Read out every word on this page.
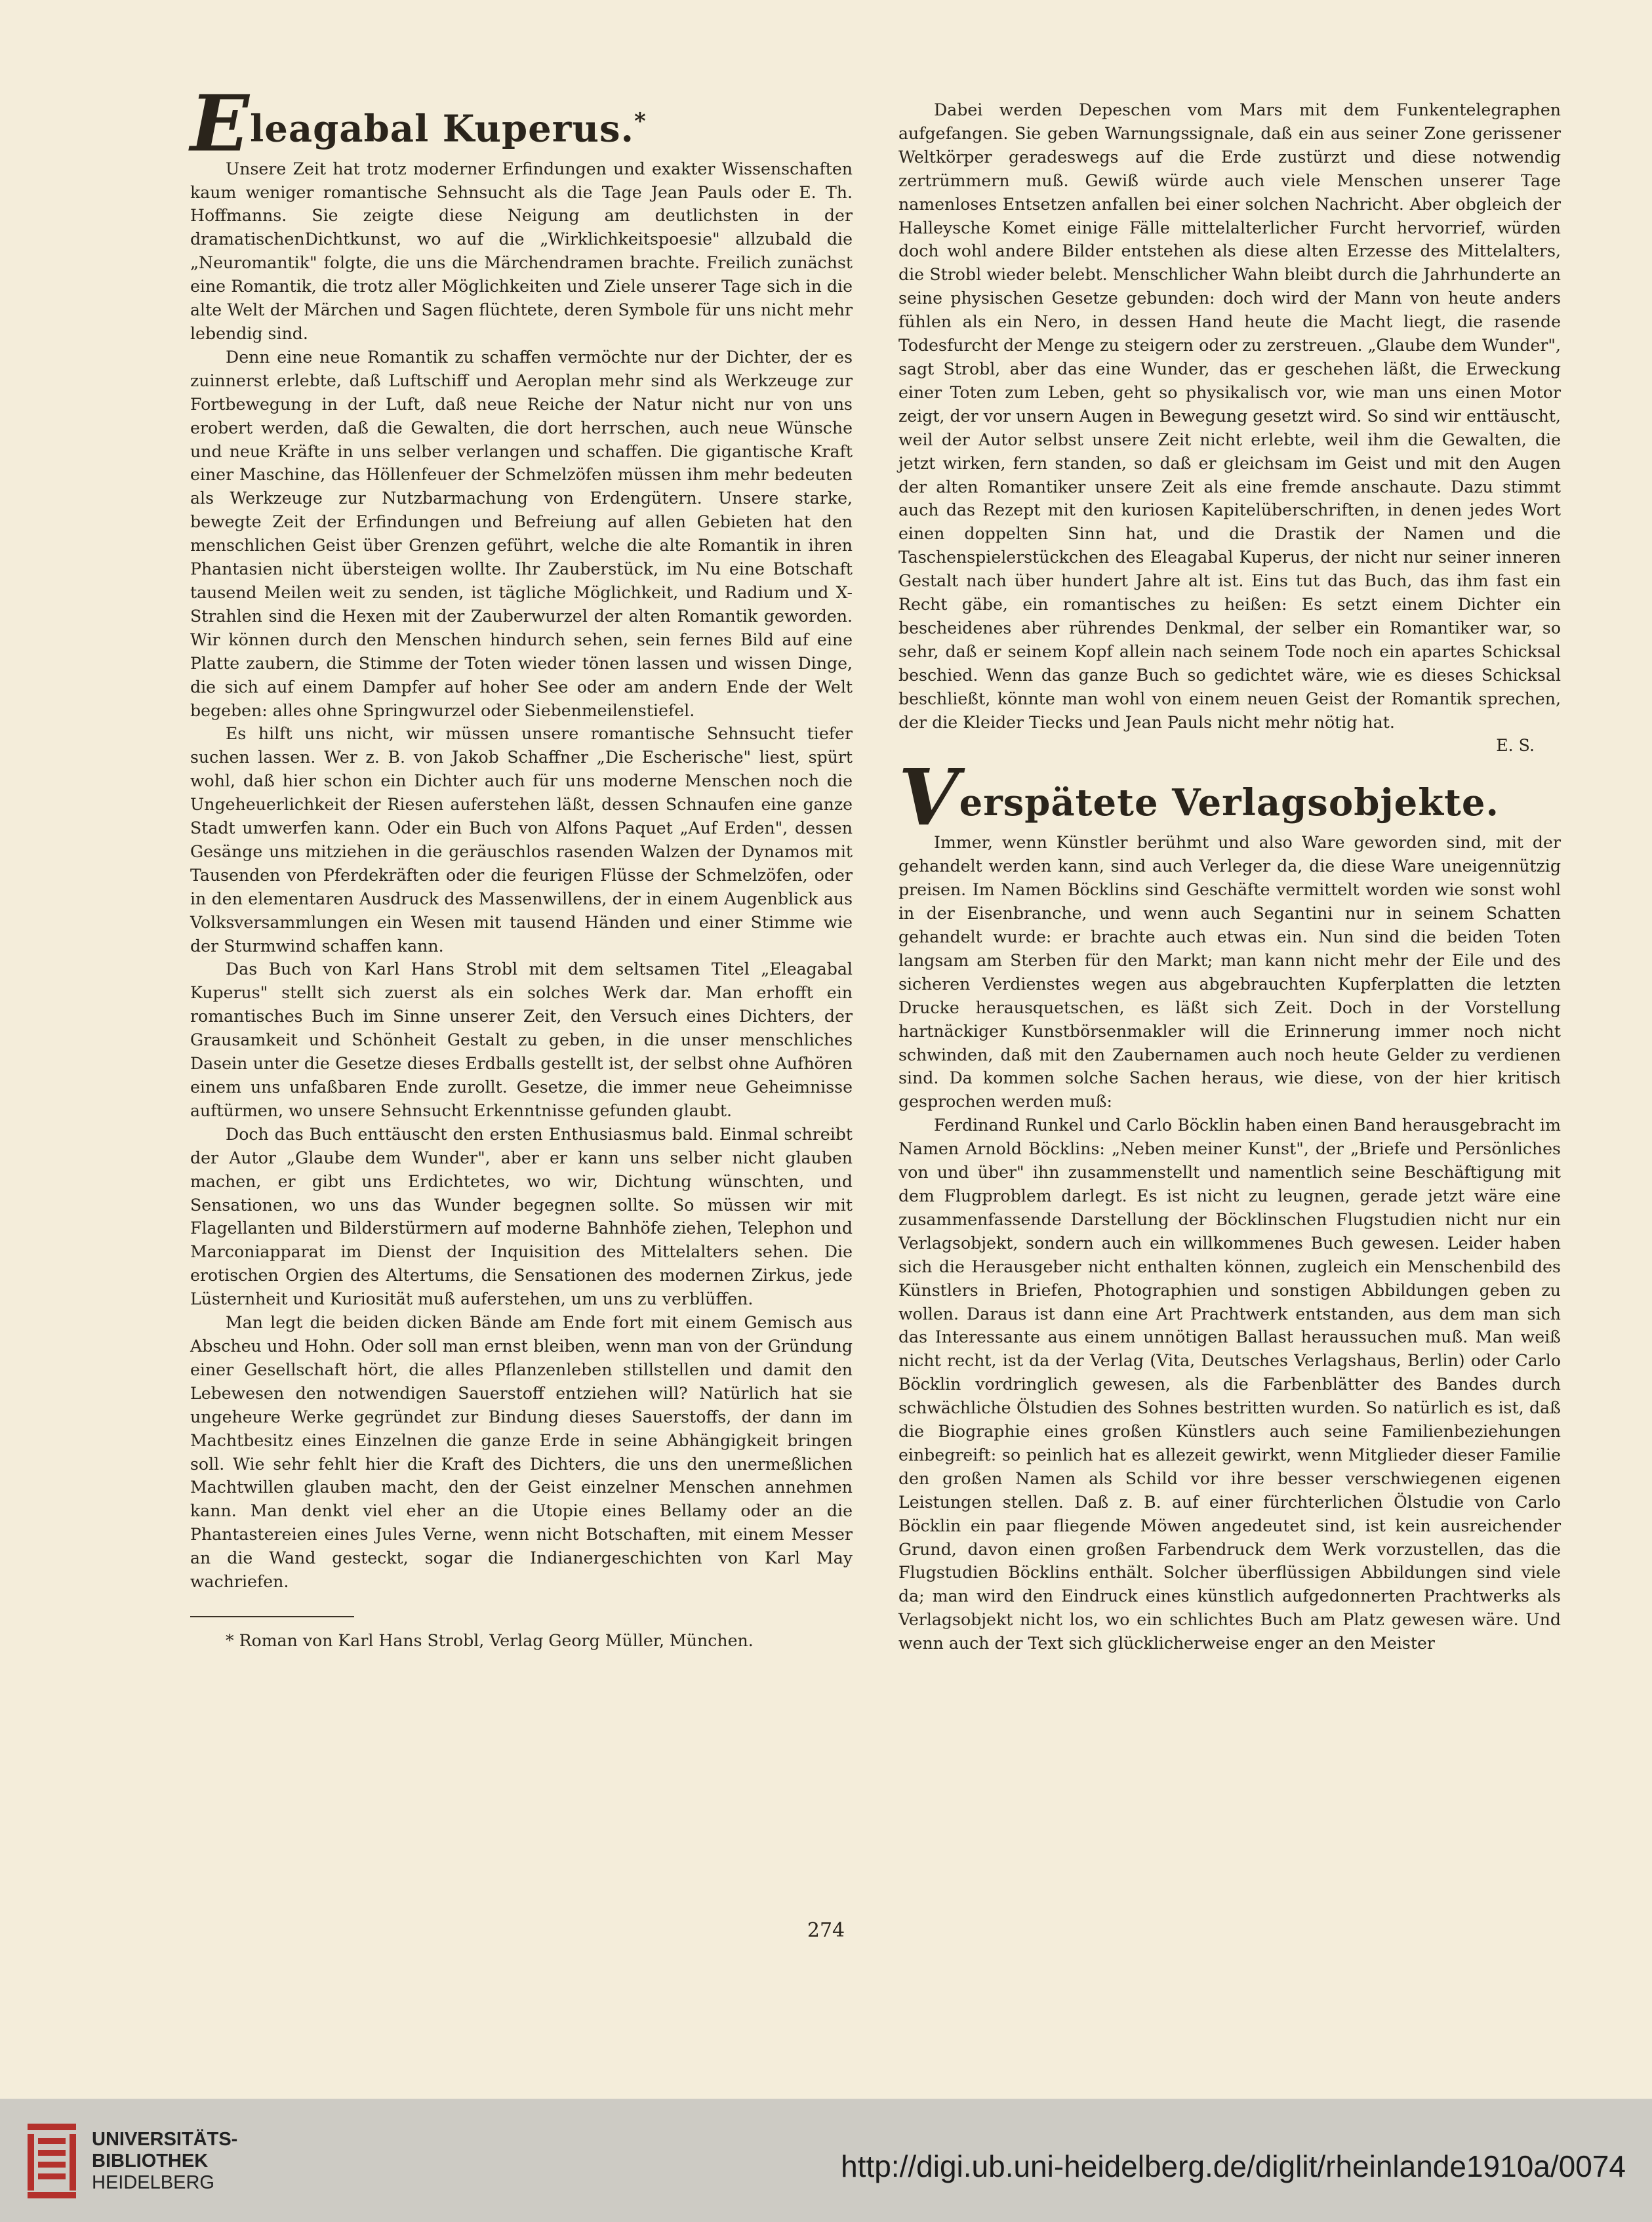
Eleagabal Kuperus.*

Unsere Zeit hat trotz moderner Erfindungen und exakter Wissenschaften kaum weniger romantische Sehnsucht als die Tage Jean Pauls oder E. Th. Hoffmanns. Sie zeigte diese Neigung am deutlichsten in der dramatischenDichtkunst, wo auf die „Wirklichkeitspoesie" allzubald die „Neuromantik" folgte, die uns die Märchendramen brachte. Freilich zunächst eine Romantik, die trotz aller Möglichkeiten und Ziele unserer Tage sich in die alte Welt der Märchen und Sagen flüchtete, deren Symbole für uns nicht mehr lebendig sind.

Denn eine neue Romantik zu schaffen vermöchte nur der Dichter, der es zuinnerst erlebte, daß Luftschiff und Aeroplan mehr sind als Werkzeuge zur Fortbewegung in der Luft, daß neue Reiche der Natur nicht nur von uns erobert werden, daß die Gewalten, die dort herrschen, auch neue Wünsche und neue Kräfte in uns selber verlangen und schaffen. Die gigantische Kraft einer Maschine, das Höllenfeuer der Schmelzöfen müssen ihm mehr bedeuten als Werkzeuge zur Nutzbarmachung von Erdengütern. Unsere starke, bewegte Zeit der Erfindungen und Befreiung auf allen Gebieten hat den menschlichen Geist über Grenzen geführt, welche die alte Romantik in ihren Phantasien nicht übersteigen wollte. Ihr Zauberstück, im Nu eine Botschaft tausend Meilen weit zu senden, ist tägliche Möglichkeit, und Radium und X-Strahlen sind die Hexen mit der Zauberwurzel der alten Romantik geworden. Wir können durch den Menschen hindurch sehen, sein fernes Bild auf eine Platte zaubern, die Stimme der Toten wieder tönen lassen und wissen Dinge, die sich auf einem Dampfer auf hoher See oder am andern Ende der Welt begeben: alles ohne Springwurzel oder Siebenmeilenstiefel.

Es hilft uns nicht, wir müssen unsere romantische Sehnsucht tiefer suchen lassen. Wer z. B. von Jakob Schaffner „Die Escherische" liest, spürt wohl, daß hier schon ein Dichter auch für uns moderne Menschen noch die Ungeheuerlichkeit der Riesen auferstehen läßt, dessen Schnaufen eine ganze Stadt umwerfen kann. Oder ein Buch von Alfons Paquet „Auf Erden", dessen Gesänge uns mitziehen in die geräuschlos rasenden Walzen der Dynamos mit Tausenden von Pferdekräften oder die feurigen Flüsse der Schmelzöfen, oder in den elementaren Ausdruck des Massenwillens, der in einem Augenblick aus Volksversammlungen ein Wesen mit tausend Händen und einer Stimme wie der Sturmwind schaffen kann.

Das Buch von Karl Hans Strobl mit dem seltsamen Titel „Eleagabal Kuperus" stellt sich zuerst als ein solches Werk dar. Man erhofft ein romantisches Buch im Sinne unserer Zeit, den Versuch eines Dichters, der Grausamkeit und Schönheit Gestalt zu geben, in die unser menschliches Dasein unter die Gesetze dieses Erdballs gestellt ist, der selbst ohne Aufhören einem uns unfaßbaren Ende zurollt. Gesetze, die immer neue Geheimnisse auftürmen, wo unsere Sehnsucht Erkenntnisse gefunden glaubt.

Doch das Buch enttäuscht den ersten Enthusiasmus bald. Einmal schreibt der Autor „Glaube dem Wunder", aber er kann uns selber nicht glauben machen, er gibt uns Erdichtetes, wo wir, Dichtung wünschten, und Sensationen, wo uns das Wunder begegnen sollte. So müssen wir mit Flagellanten und Bilderstürmern auf moderne Bahnhöfe ziehen, Telephon und Marconiapparat im Dienst der Inquisition des Mittelalters sehen. Die erotischen Orgien des Altertums, die Sensationen des modernen Zirkus, jede Lüsternheit und Kuriosität muß auferstehen, um uns zu verblüffen.

Man legt die beiden dicken Bände am Ende fort mit einem Gemisch aus Abscheu und Hohn. Oder soll man ernst bleiben, wenn man von der Gründung einer Gesellschaft hört, die alles Pflanzenleben stillstellen und damit den Lebewesen den notwendigen Sauerstoff entziehen will? Natürlich hat sie ungeheure Werke gegründet zur Bindung dieses Sauerstoffs, der dann im Machtbesitz eines Einzelnen die ganze Erde in seine Abhängigkeit bringen soll. Wie sehr fehlt hier die Kraft des Dichters, die uns den unermeßlichen Machtwillen glauben macht, den der Geist einzelner Menschen annehmen kann. Man denkt viel eher an die Utopie eines Bellamy oder an die Phantastereien eines Jules Verne, wenn nicht Botschaften, mit einem Messer an die Wand gesteckt, sogar die Indianergeschichten von Karl May wachriefen.

* Roman von Karl Hans Strobl, Verlag Georg Müller, München.

Dabei werden Depeschen vom Mars mit dem Funkentelegraphen aufgefangen. Sie geben Warnungssignale, daß ein aus seiner Zone gerissener Weltkörper geradeswegs auf die Erde zustürzt und diese notwendig zertrümmern muß. Gewiß würde auch viele Menschen unserer Tage namenloses Entsetzen anfallen bei einer solchen Nachricht. Aber obgleich der Halleysche Komet einige Fälle mittelalterlicher Furcht hervorrief, würden doch wohl andere Bilder entstehen als diese alten Erzesse des Mittelalters, die Strobl wieder belebt. Menschlicher Wahn bleibt durch die Jahrhunderte an seine physischen Gesetze gebunden: doch wird der Mann von heute anders fühlen als ein Nero, in dessen Hand heute die Macht liegt, die rasende Todesfurcht der Menge zu steigern oder zu zerstreuen. „Glaube dem Wunder", sagt Strobl, aber das eine Wunder, das er geschehen läßt, die Erweckung einer Toten zum Leben, geht so physikalisch vor, wie man uns einen Motor zeigt, der vor unsern Augen in Bewegung gesetzt wird. So sind wir enttäuscht, weil der Autor selbst unsere Zeit nicht erlebte, weil ihm die Gewalten, die jetzt wirken, fern standen, so daß er gleichsam im Geist und mit den Augen der alten Romantiker unsere Zeit als eine fremde anschaute. Dazu stimmt auch das Rezept mit den kuriosen Kapitelüberschriften, in denen jedes Wort einen doppelten Sinn hat, und die Drastik der Namen und die Taschenspielerstückchen des Eleagabal Kuperus, der nicht nur seiner inneren Gestalt nach über hundert Jahre alt ist. Eins tut das Buch, das ihm fast ein Recht gäbe, ein romantisches zu heißen: Es setzt einem Dichter ein bescheidenes aber rührendes Denkmal, der selber ein Romantiker war, so sehr, daß er seinem Kopf allein nach seinem Tode noch ein apartes Schicksal beschied. Wenn das ganze Buch so gedichtet wäre, wie es dieses Schicksal beschließt, könnte man wohl von einem neuen Geist der Romantik sprechen, der die Kleider Tiecks und Jean Pauls nicht mehr nötig hat.

E. S.

Verspätete Verlagsobjekte.

Immer, wenn Künstler berühmt und also Ware geworden sind, mit der gehandelt werden kann, sind auch Verleger da, die diese Ware uneigennützig preisen. Im Namen Böcklins sind Geschäfte vermittelt worden wie sonst wohl in der Eisenbranche, und wenn auch Segantini nur in seinem Schatten gehandelt wurde: er brachte auch etwas ein. Nun sind die beiden Toten langsam am Sterben für den Markt; man kann nicht mehr der Eile und des sicheren Verdienstes wegen aus abgebrauchten Kupferplatten die letzten Drucke herausquetschen, es läßt sich Zeit. Doch in der Vorstellung hartnäckiger Kunstbörsenmakler will die Erinnerung immer noch nicht schwinden, daß mit den Zaubernamen auch noch heute Gelder zu verdienen sind. Da kommen solche Sachen heraus, wie diese, von der hier kritisch gesprochen werden muß:

Ferdinand Runkel und Carlo Böcklin haben einen Band herausgebracht im Namen Arnold Böcklins: „Neben meiner Kunst", der „Briefe und Persönliches von und über" ihn zusammenstellt und namentlich seine Beschäftigung mit dem Flugproblem darlegt. Es ist nicht zu leugnen, gerade jetzt wäre eine zusammenfassende Darstellung der Böcklinschen Flugstudien nicht nur ein Verlagsobjekt, sondern auch ein willkommenes Buch gewesen. Leider haben sich die Herausgeber nicht enthalten können, zugleich ein Menschenbild des Künstlers in Briefen, Photographien und sonstigen Abbildungen geben zu wollen. Daraus ist dann eine Art Prachtwerk entstanden, aus dem man sich das Interessante aus einem unnötigen Ballast heraussuchen muß. Man weiß nicht recht, ist da der Verlag (Vita, Deutsches Verlagshaus, Berlin) oder Carlo Böcklin vordringlich gewesen, als die Farbenblätter des Bandes durch schwächliche Ölstudien des Sohnes bestritten wurden. So natürlich es ist, daß die Biographie eines großen Künstlers auch seine Familienbeziehungen einbegreift: so peinlich hat es allezeit gewirkt, wenn Mitglieder dieser Familie den großen Namen als Schild vor ihre besser verschwiegenen eigenen Leistungen stellen. Daß z. B. auf einer fürchterlichen Ölstudie von Carlo Böcklin ein paar fliegende Möwen angedeutet sind, ist kein ausreichender Grund, davon einen großen Farbendruck dem Werk vorzustellen, das die Flugstudien Böcklins enthält. Solcher überflüssigen Abbildungen sind viele da; man wird den Eindruck eines künstlich aufgedonnerten Prachtwerks als Verlagsobjekt nicht los, wo ein schlichtes Buch am Platz gewesen wäre. Und wenn auch der Text sich glücklicherweise enger an den Meister

274
UNIVERSITÄTS-
BIBLIOTHEK
HEIDELBERG	http://digi.ub.uni-heidelberg.de/diglit/rheinlande1910a/0074
